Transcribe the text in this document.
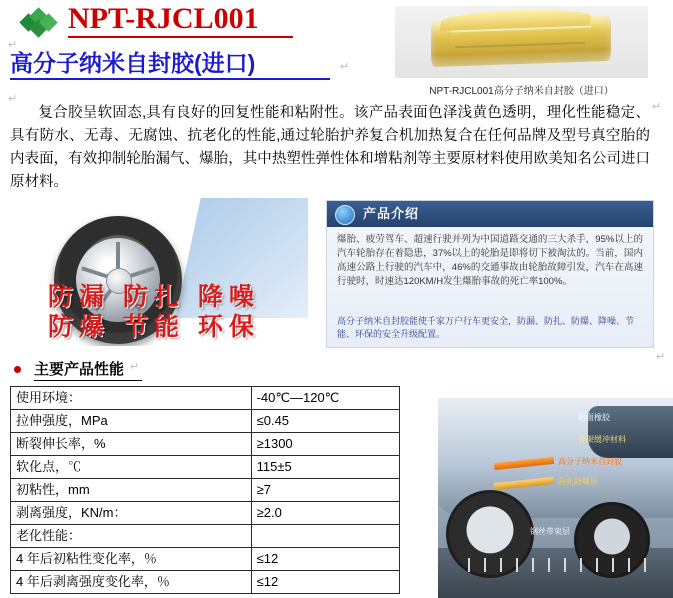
NPT-RJCL001
高分子纳米自封胶(进口)
NPT-RJCL001高分子纳米自封胶（进口）
复合胶呈软固态,具有良好的回复性能和粘附性。该产品表面色泽浅黄色透明，理化性能稳定、具有防水、无毒、无腐蚀、抗老化的性能,通过轮胎护养复合机加热复合在任何品牌及型号真空胎的内表面，有效抑制轮胎漏气、爆胎，其中热塑性弹性体和增粘剂等主要原材料使用欧美知名公司进口原材料。
防漏 防扎 降噪
防爆 节能 环保
产品介绍
爆胎、疲劳驾车、超速行驶并列为中国道路交通的三大杀手，95%以上的汽车轮胎存在着隐患，37%以上的轮胎是即将切下被淘汰的。当前，国内高速公路上行驶的汽车中，46%的交通事故由轮胎故障引发，汽车在高速行驶时，时速达120KM/H发生爆胎事故的死亡率100%。
高分子纳米自封胶能使千家万户行车更安全，防漏、防扎、防爆、降噪、节能、环保的安全升级配置。
主要产品性能
使用环境：	-40℃—120℃
拉伸强度，MPa	≤0.45
断裂伸长率，%	≥1300
软化点，℃	115±5
初粘性，mm	≥7
剥离强度，KN/m：	≥2.0
老化性能：	
4 年后初粘性变化率，％	≤12
4 年后剥离强度变化率，％	≤12
胎面橡胶
骨架缓冲材料
高分子纳米自封胶
防扎防爆层
钢丝带束层
↵
↵
↵
↵
↵
↵
